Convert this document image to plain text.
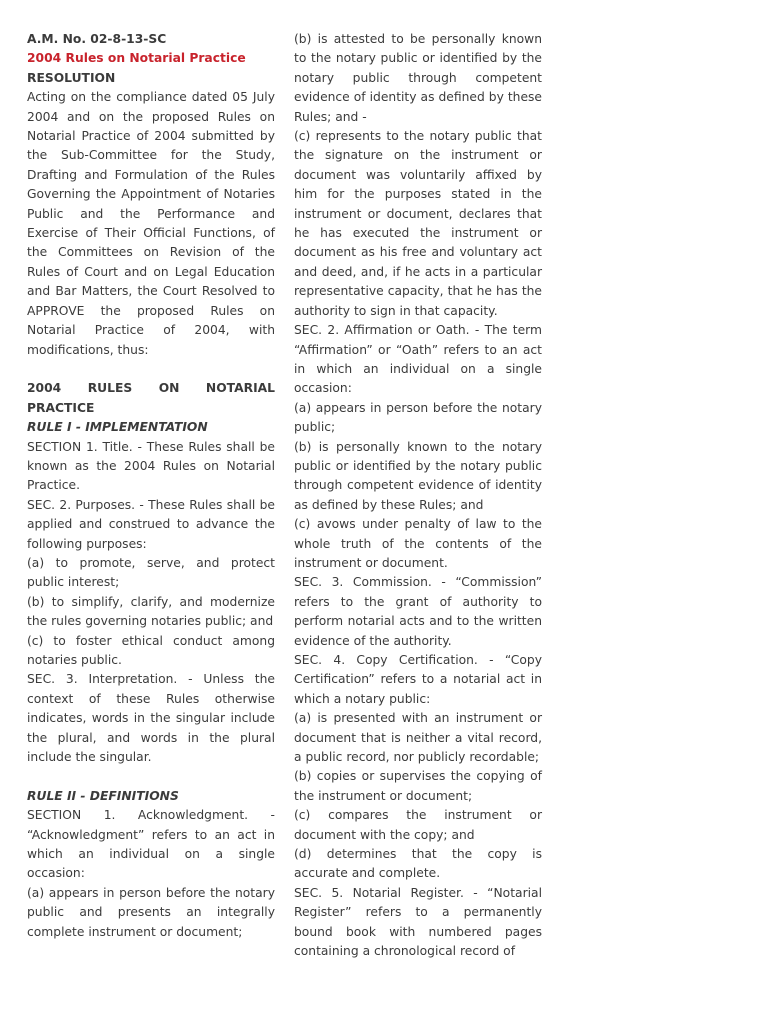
A.M. No. 02-8-13-SC
2004 Rules on Notarial Practice
RESOLUTION
Acting on the compliance dated 05 July 2004 and on the proposed Rules on Notarial Practice of 2004 submitted by the Sub-Committee for the Study, Drafting and Formulation of the Rules Governing the Appointment of Notaries Public and the Performance and Exercise of Their Official Functions, of the Committees on Revision of the Rules of Court and on Legal Education and Bar Matters, the Court Resolved to APPROVE the proposed Rules on Notarial Practice of 2004, with modifications, thus:
2004 RULES ON NOTARIAL PRACTICE
RULE I - IMPLEMENTATION
SECTION 1. Title. - These Rules shall be known as the 2004 Rules on Notarial Practice.
SEC. 2. Purposes. - These Rules shall be applied and construed to advance the following purposes:
(a) to promote, serve, and protect public interest;
(b) to simplify, clarify, and modernize the rules governing notaries public; and
(c) to foster ethical conduct among notaries public.
SEC. 3. Interpretation. - Unless the context of these Rules otherwise indicates, words in the singular include the plural, and words in the plural include the singular.
RULE II - DEFINITIONS
SECTION 1. Acknowledgment. - “Acknowledgment” refers to an act in which an individual on a single occasion:
(a) appears in person before the notary public and presents an integrally complete instrument or document;
(b) is attested to be personally known to the notary public or identified by the notary public through competent evidence of identity as defined by these Rules; and -
(c) represents to the notary public that the signature on the instrument or document was voluntarily affixed by him for the purposes stated in the instrument or document, declares that he has executed the instrument or document as his free and voluntary act and deed, and, if he acts in a particular representative capacity, that he has the authority to sign in that capacity.
SEC. 2. Affirmation or Oath. - The term “Affirmation” or “Oath” refers to an act in which an individual on a single occasion:
(a) appears in person before the notary public;
(b) is personally known to the notary public or identified by the notary public through competent evidence of identity as defined by these Rules; and
(c) avows under penalty of law to the whole truth of the contents of the instrument or document.
SEC. 3. Commission. - “Commission” refers to the grant of authority to perform notarial acts and to the written evidence of the authority.
SEC. 4. Copy Certification. - “Copy Certification” refers to a notarial act in which a notary public:
(a) is presented with an instrument or document that is neither a vital record, a public record, nor publicly recordable;
(b) copies or supervises the copying of the instrument or document;
(c) compares the instrument or document with the copy; and
(d) determines that the copy is accurate and complete.
SEC. 5. Notarial Register. - “Notarial Register” refers to a permanently bound book with numbered pages containing a chronological record of
